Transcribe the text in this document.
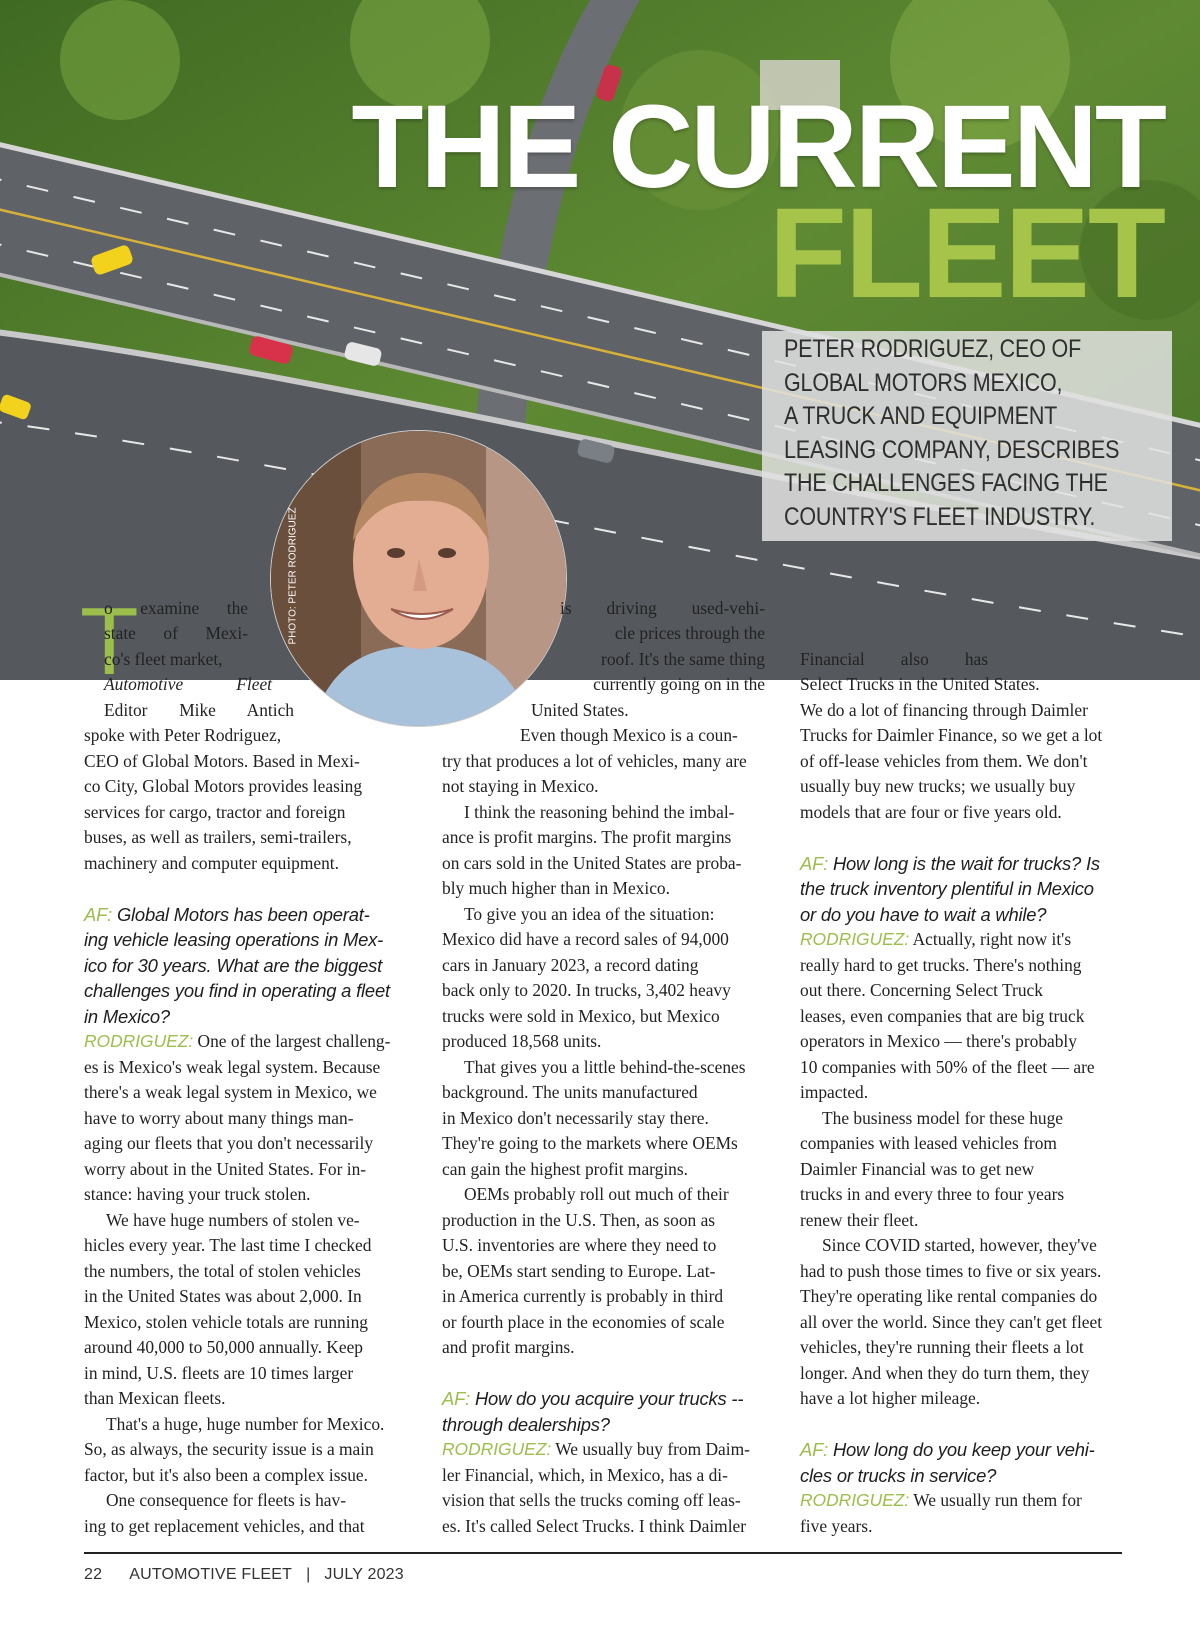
THE CURRENT
FLEET

PETER RODRIGUEZ, CEO OF

GLOBAL MOTORS MEXICO,

A TRUCK AND EQUIPMENT

LEASING COMPANY, DESCRIBES

THE CHALLENGES FACING THE

COUNTRY'S FLEET INDUSTRY.

PHOTO: PETER RODRIGUEZ
T
o examine the
state of Mexi-
co's fleet market,
Automotive Fleet
Editor Mike Antich
spoke with Peter Rodriguez,
CEO of Global Motors. Based in Mexi-
co City, Global Motors provides leasing
services for cargo, tractor and foreign
buses, as well as trailers, semi-trailers,
machinery and computer equipment.
AF: Global Motors has been operat-
ing vehicle leasing operations in Mex-
ico for 30 years. What are the biggest
challenges you find in operating a fleet
in Mexico?
RODRIGUEZ: One of the largest challeng-
es is Mexico's weak legal system. Because
there's a weak legal system in Mexico, we
have to worry about many things man-
aging our fleets that you don't necessarily
worry about in the United States. For in-
stance: having your truck stolen.
We have huge numbers of stolen ve-
hicles every year. The last time I checked
the numbers, the total of stolen vehicles
in the United States was about 2,000. In
Mexico, stolen vehicle totals are running
around 40,000 to 50,000 annually. Keep
in mind, U.S. fleets are 10 times larger
than Mexican fleets.
That's a huge, huge number for Mexico.
So, as always, the security issue is a main
factor, but it's also been a complex issue.
One consequence for fleets is hav-
ing to get replacement vehicles, and that
is driving used-vehi-
cle prices through the
roof. It's the same thing
currently going on in the
United States.
Even though Mexico is a coun-
try that produces a lot of vehicles, many are
not staying in Mexico.
I think the reasoning behind the imbal-
ance is profit margins. The profit margins
on cars sold in the United States are proba-
bly much higher than in Mexico.
To give you an idea of the situation:
Mexico did have a record sales of 94,000
cars in January 2023, a record dating
back only to 2020. In trucks, 3,402 heavy
trucks were sold in Mexico, but Mexico
produced 18,568 units.
That gives you a little behind-the-scenes
background. The units manufactured
in Mexico don't necessarily stay there.
They're going to the markets where OEMs
can gain the highest profit margins.
OEMs probably roll out much of their
production in the U.S. Then, as soon as
U.S. inventories are where they need to
be, OEMs start sending to Europe. Lat-
in America currently is probably in third
or fourth place in the economies of scale
and profit margins.
AF: How do you acquire your trucks --
through dealerships?
RODRIGUEZ: We usually buy from Daim-
ler Financial, which, in Mexico, has a di-
vision that sells the trucks coming off leas-
es. It's called Select Trucks. I think Daimler
Financial also has
Select Trucks in the United States.
We do a lot of financing through Daimler
Trucks for Daimler Finance, so we get a lot
of off-lease vehicles from them. We don't
usually buy new trucks; we usually buy
models that are four or five years old.
AF: How long is the wait for trucks? Is
the truck inventory plentiful in Mexico
or do you have to wait a while?
RODRIGUEZ: Actually, right now it's
really hard to get trucks. There's nothing
out there. Concerning Select Truck
leases, even companies that are big truck
operators in Mexico — there's probably
10 companies with 50% of the fleet — are
impacted.
The business model for these huge
companies with leased vehicles from
Daimler Financial was to get new
trucks in and every three to four years
renew their fleet.
Since COVID started, however, they've
had to push those times to five or six years.
They're operating like rental companies do
all over the world. Since they can't get fleet
vehicles, they're running their fleets a lot
longer. And when they do turn them, they
have a lot higher mileage.
AF: How long do you keep your vehi-
cles or trucks in service?
RODRIGUEZ: We usually run them for
five years.
22 AUTOMOTIVE FLEET | JULY 2023
